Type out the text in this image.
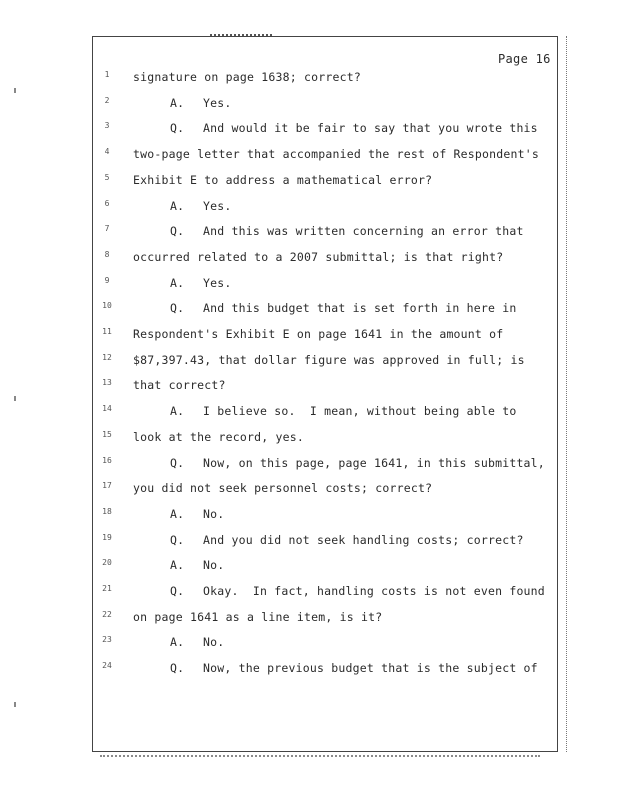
Page 16
1	signature on page 1638; correct?
2	A. Yes.
3	Q. And would it be fair to say that you wrote this
4	two-page letter that accompanied the rest of Respondent's
5	Exhibit E to address a mathematical error?
6	A. Yes.
7	Q. And this was written concerning an error that
8	occurred related to a 2007 submittal; is that right?
9	A. Yes.
10	Q. And this budget that is set forth in here in
11 Respondent's Exhibit E on page 1641 in the amount of
12 $87,397.43, that dollar figure was approved in full; is
13 that correct?
14	A. I believe so.  I mean, without being able to
15 look at the record, yes.
16	Q. Now, on this page, page 1641, in this submittal,
17 you did not seek personnel costs; correct?
18	A. No.
19	Q. And you did not seek handling costs; correct?
20	A. No.
21	Q. Okay.  In fact, handling costs is not even found
22 on page 1641 as a line item, is it?
23	A. No.
24	Q. Now, the previous budget that is the subject of
